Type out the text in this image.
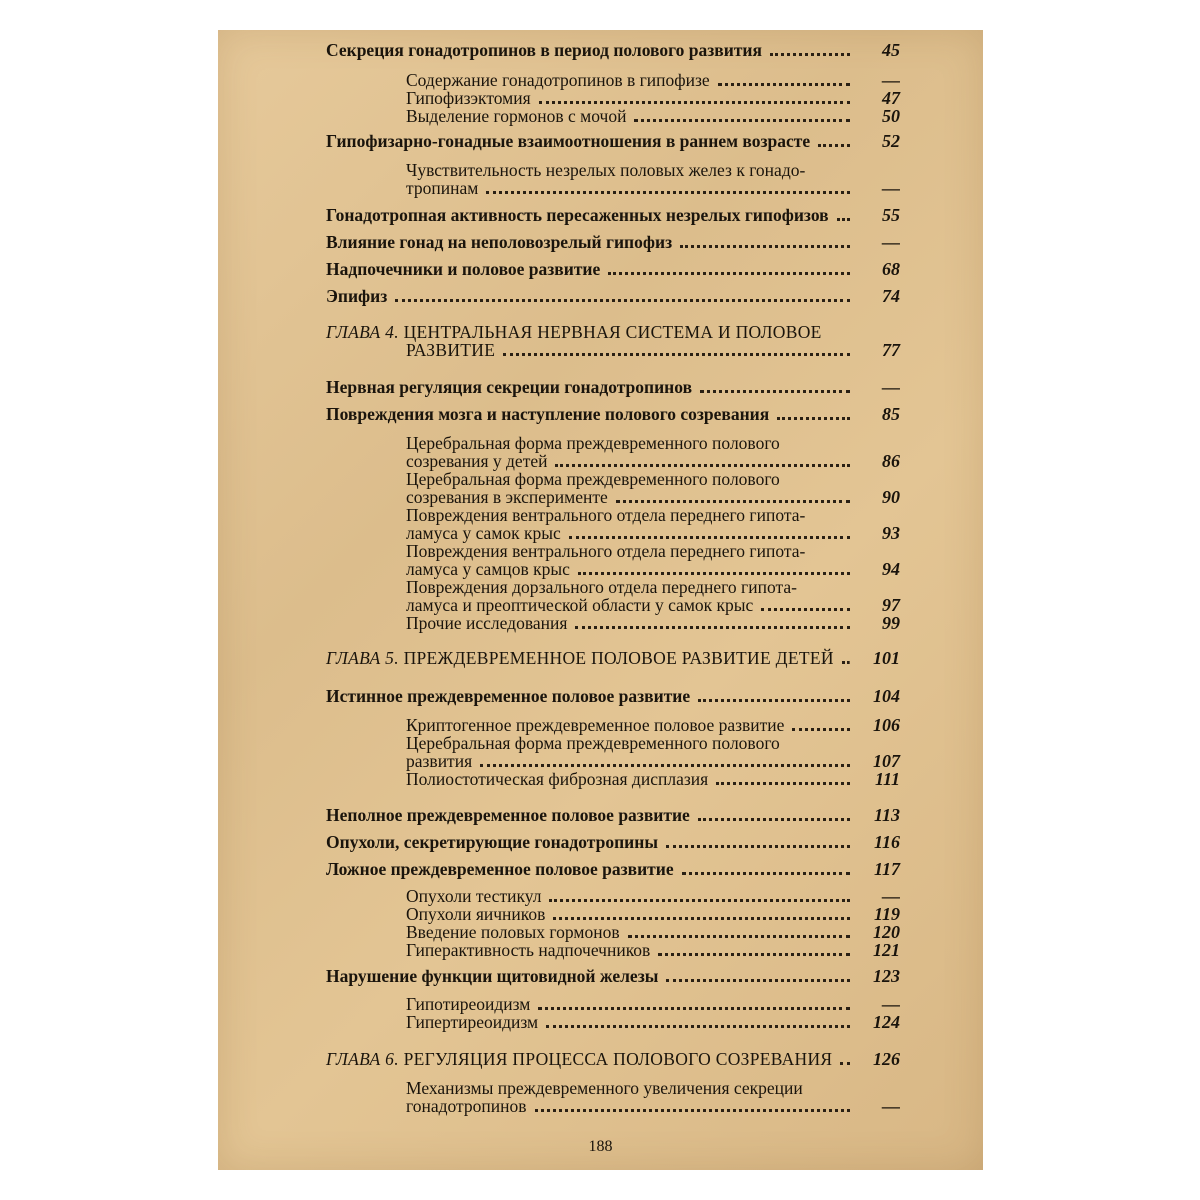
Секреция гонадотропинов в период полового развития	45
Содержание гонадотропинов в гипофизе	—
Гипофизэктомия	47
Выделение гормонов с мочой	50
Гипофизарно-гонадные взаимоотношения в раннем возрасте	52
Чувствительность незрелых половых желез к гонадо-
тропинам	—
Гонадотропная активность пересаженных незрелых гипофизов	55
Влияние гонад на неполовозрелый гипофиз	—
Надпочечники и половое развитие	68
Эпифиз	74
ГЛАВА 4. ЦЕНТРАЛЬНАЯ НЕРВНАЯ СИСТЕМА И ПОЛОВОЕ
РАЗВИТИЕ	77
Нервная регуляция секреции гонадотропинов	—
Повреждения мозга и наступление полового созревания	85
Церебральная форма преждевременного полового
созревания у детей	86
Церебральная форма преждевременного полового
созревания в эксперименте	90
Повреждения вентрального отдела переднего гипота-
ламуса у самок крыс	93
Повреждения вентрального отдела переднего гипота-
ламуса у самцов крыс	94
Повреждения дорзального отдела переднего гипота-
ламуса и преоптической области у самок крыс	97
Прочие исследования	99
ГЛАВА 5. ПРЕЖДЕВРЕМЕННОЕ ПОЛОВОЕ РАЗВИТИЕ ДЕТЕЙ	101
Истинное преждевременное половое развитие	104
Криптогенное преждевременное половое развитие	106
Церебральная форма преждевременного полового
развития	107
Полиостотическая фиброзная дисплазия	111
Неполное преждевременное половое развитие	113
Опухоли, секретирующие гонадотропины	116
Ложное преждевременное половое развитие	117
Опухоли тестикул	—
Опухоли яичников	119
Введение половых гормонов	120
Гиперактивность надпочечников	121
Нарушение функции щитовидной железы	123
Гипотиреоидизм	—
Гипертиреоидизм	124
ГЛАВА 6. РЕГУЛЯЦИЯ ПРОЦЕССА ПОЛОВОГО СОЗРЕВАНИЯ	126
Механизмы преждевременного увеличения секреции
гонадотропинов	—
188
